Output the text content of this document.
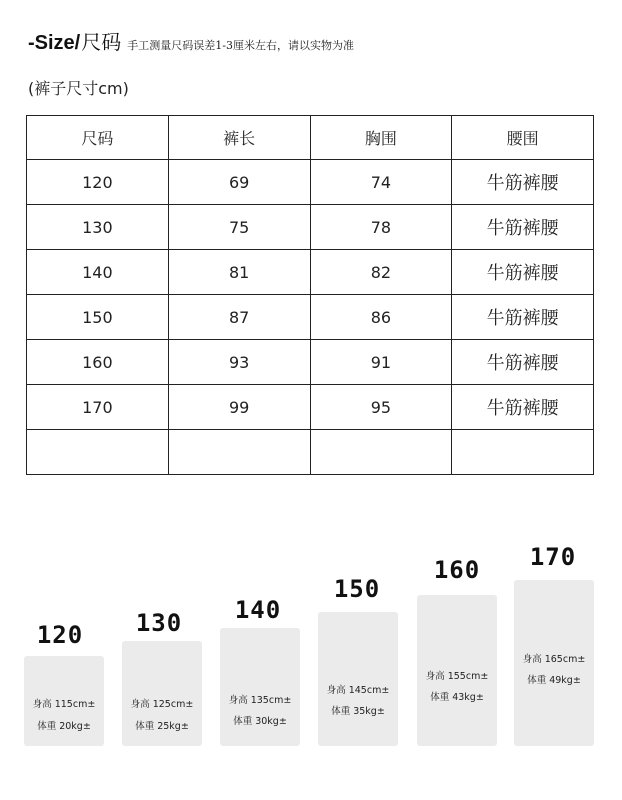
-Size/ 尺码 手工测量尺码误差1-3厘米左右，请以实物为准
(裤子尺寸cm)
尺码	裤长	胸围	腰围
120	69	74	牛筋裤腰
130	75	78	牛筋裤腰
140	81	82	牛筋裤腰
150	87	86	牛筋裤腰
160	93	91	牛筋裤腰
170	99	95	牛筋裤腰

120
身高 115cm±
体重 20kg±
130
身高 125cm±
体重 25kg±
140
身高 135cm±
体重 30kg±
150
身高 145cm±
体重 35kg±
160
身高 155cm±
体重 43kg±
170
身高 165cm±
体重 49kg±
